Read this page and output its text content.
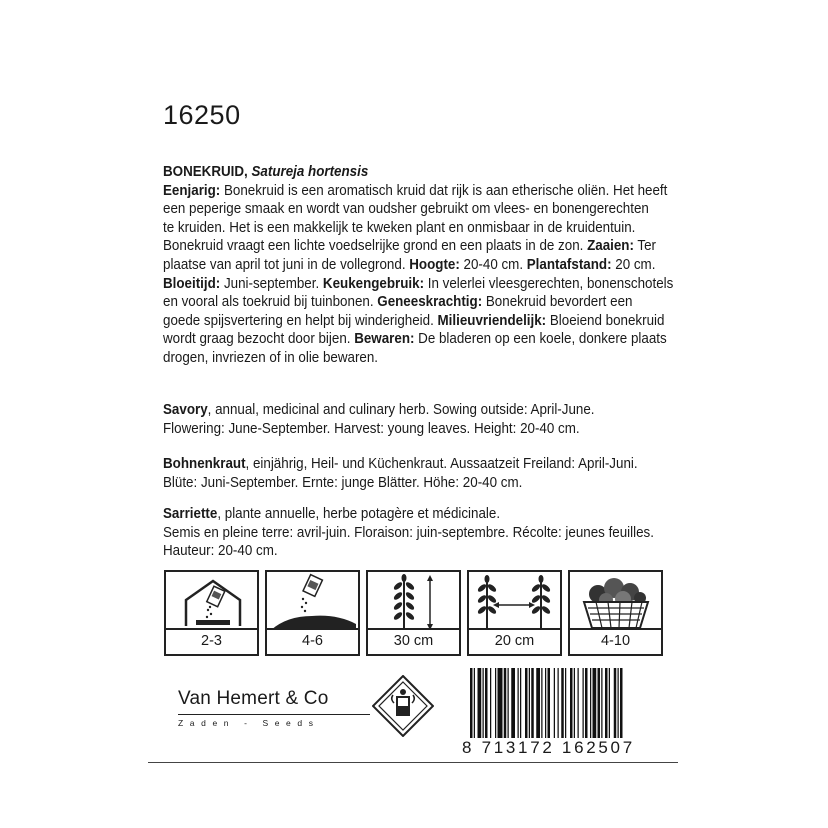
16250
BONEKRUID, Satureja hortensis
Eenjarig: Bonekruid is een aromatisch kruid dat rijk is aan etherische oliën. Het heeft
een peperige smaak en wordt van oudsher gebruikt om vlees- en bonengerechten
te kruiden. Het is een makkelijk te kweken plant en onmisbaar in de kruidentuin.
Bonekruid vraagt een lichte voedselrijke grond en een plaats in de zon. Zaaien: Ter
plaatse van april tot juni in de vollegrond. Hoogte: 20-40 cm. Plantafstand: 20 cm.
Bloeitijd: Juni-september. Keukengebruik: In velerlei vleesgerechten, bonenschotels
en vooral als toekruid bij tuinbonen. Geneeskrachtig: Bonekruid bevordert een
goede spijsvertering en helpt bij winderigheid. Milieuvriendelijk: Bloeiend bonekruid
wordt graag bezocht door bijen. Bewaren: De bladeren op een koele, donkere plaats
drogen, invriezen of in olie bewaren.
Savory, annual, medicinal and culinary herb. Sowing outside: April-June.
Flowering: June-September. Harvest: young leaves. Height: 20-40 cm.
Bohnenkraut, einjährig, Heil- und Küchenkraut. Aussaatzeit Freiland: April-Juni.
Blüte: Juni-September. Ernte: junge Blätter. Höhe: 20-40 cm.
Sarriette, plante annuelle, herbe potagère et médicinale.
Semis en pleine terre: avril-juin. Floraison: juin-septembre. Récolte: jeunes feuilles.
Hauteur: 20-40 cm.
2-3	4-6	30 cm	20 cm	4-10
Van Hemert & Co
Zaden - Seeds
8 713172 162507
